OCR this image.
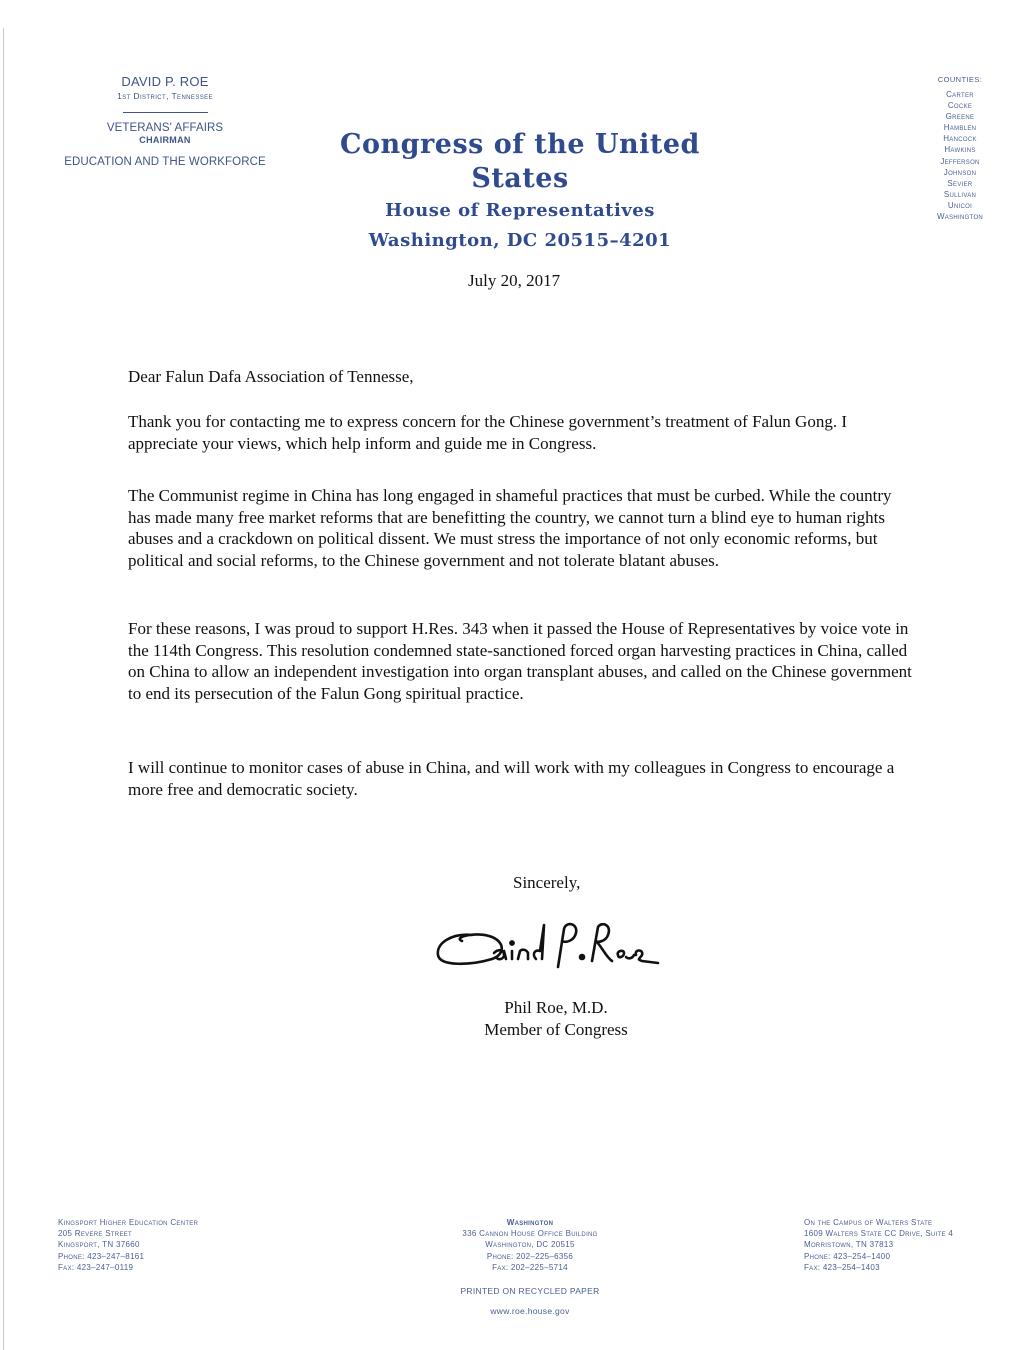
DAVID P. ROE
1st District, Tennessee
VETERANS' AFFAIRS
CHAIRMAN
EDUCATION AND THE WORKFORCE
Congress of the United States
House of Representatives
Washington, DC 20515–4201
COUNTIES:
Carter
Cocke
Greene
Hamblen
Hancock
Hawkins
Jefferson
Johnson
Sevier
Sullivan
Unicoi
Washington
July 20, 2017
Dear Falun Dafa Association of Tennesse,
Thank you for contacting me to express concern for the Chinese government’s treatment of Falun Gong. I appreciate your views, which help inform and guide me in Congress.
The Communist regime in China has long engaged in shameful practices that must be curbed. While the country has made many free market reforms that are benefitting the country, we cannot turn a blind eye to human rights abuses and a crackdown on political dissent. We must stress the importance of not only economic reforms, but political and social reforms, to the Chinese government and not tolerate blatant abuses.
For these reasons, I was proud to support H.Res. 343 when it passed the House of Representatives by voice vote in the 114th Congress. This resolution condemned state-sanctioned forced organ harvesting practices in China, called on China to allow an independent investigation into organ transplant abuses, and called on the Chinese government to end its persecution of the Falun Gong spiritual practice.
I will continue to monitor cases of abuse in China, and will work with my colleagues in Congress to encourage a more free and democratic society.
Sincerely,
Phil Roe, M.D.
Member of Congress
Kingsport Higher Education Center
205 Revere Street
Kingsport, TN 37660
Phone: 423–247–8161
Fax: 423–247–0119
Washington
336 Cannon House Office Building
Washington, DC 20515
Phone: 202–225–6356
Fax: 202–225–5714
On the Campus of Walters State
1609 Walters State CC Drive, Suite 4
Morristown, TN 37813
Phone: 423–254–1400
Fax: 423–254–1403
PRINTED ON RECYCLED PAPER
www.roe.house.gov
